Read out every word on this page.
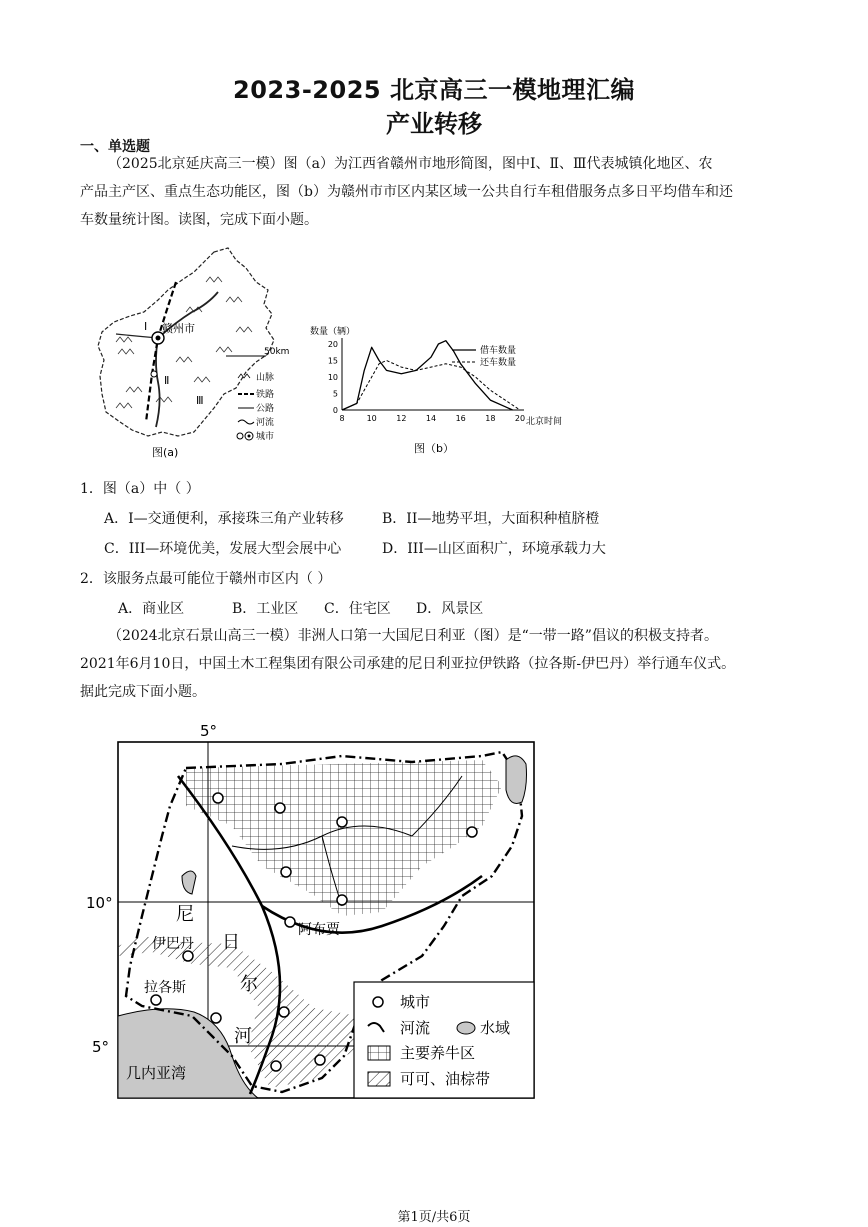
2023-2025 北京高三一模地理汇编
产业转移
一、单选题
（2025北京延庆高三一模）图（a）为江西省赣州市地形简图，图中Ⅰ、Ⅱ、Ⅲ代表城镇化地区、农
产品主产区、重点生态功能区，图（b）为赣州市市区内某区域一公共自行车租借服务点多日平均借车和还
车数量统计图。读图，完成下面小题。
赣州市
Ⅰ
Ⅱ
Ⅲ
50km
山脉
铁路
公路
河流
城市
图(a)
数量（辆）
0
5
10
15
20
8	10 12 14 16 18 20 北京时间
借车数量
还车数量
图（b）
1．图（a）中（ ）
A．I—交通便利，承接珠三角产业转移	B．II—地势平坦，大面积种植脐橙
C．III—环境优美，发展大型会展中心	D．III—山区面积广，环境承载力大
2．该服务点最可能位于赣州市区内（ ）
A．商业区	B．工业区 C．住宅区 D．风景区
（2024北京石景山高三一模）非洲人口第一大国尼日利亚（图）是“一带一路”倡议的积极支持者。
2021年6月10日，中国土木工程集团有限公司承建的尼日利亚拉伊铁路（拉各斯-伊巴丹）举行通车仪式。
据此完成下面小题。
5°
10°
5°
几内亚湾
尼
日
尔
河
阿布贾
伊巴丹
拉各斯
城市
河流	水域
主要养牛区
可可、油棕带
第1页/共6页
